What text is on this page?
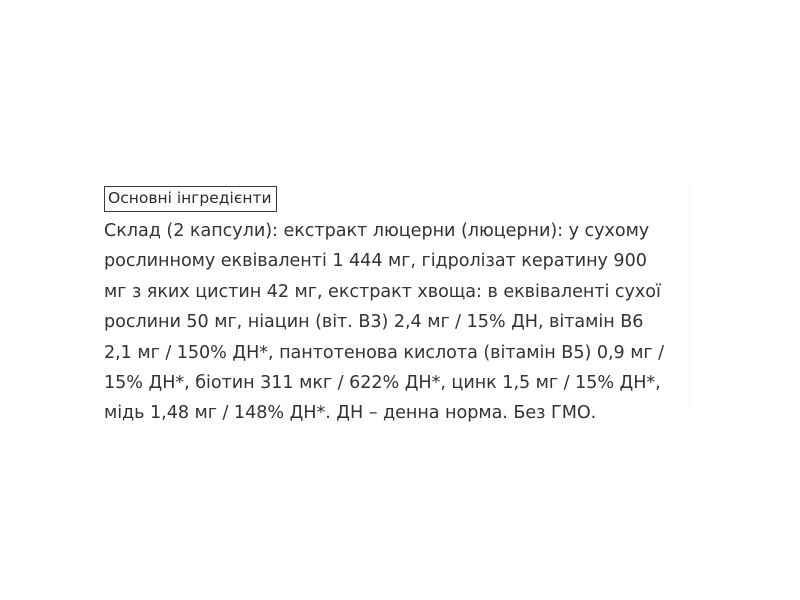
Основні інгредієнти
Склад (2 капсули): екстракт люцерни (люцерни): у сухому
рослинному еквіваленті 1 444 мг, гідролізат кератину 900
мг з яких цистин 42 мг, екстракт хвоща: в еквіваленті сухої
рослини 50 мг, ніацин (віт. В3) 2,4 мг / 15% ДН, вітамін В6
2,1 мг / 150% ДН*, пантотенова кислота (вітамін В5) 0,9 мг /
15% ДН*, біотин 311 мкг / 622% ДН*, цинк 1,5 мг / 15% ДН*,
мідь 1,48 мг / 148% ДН*. ДН – денна норма. Без ГМО.
